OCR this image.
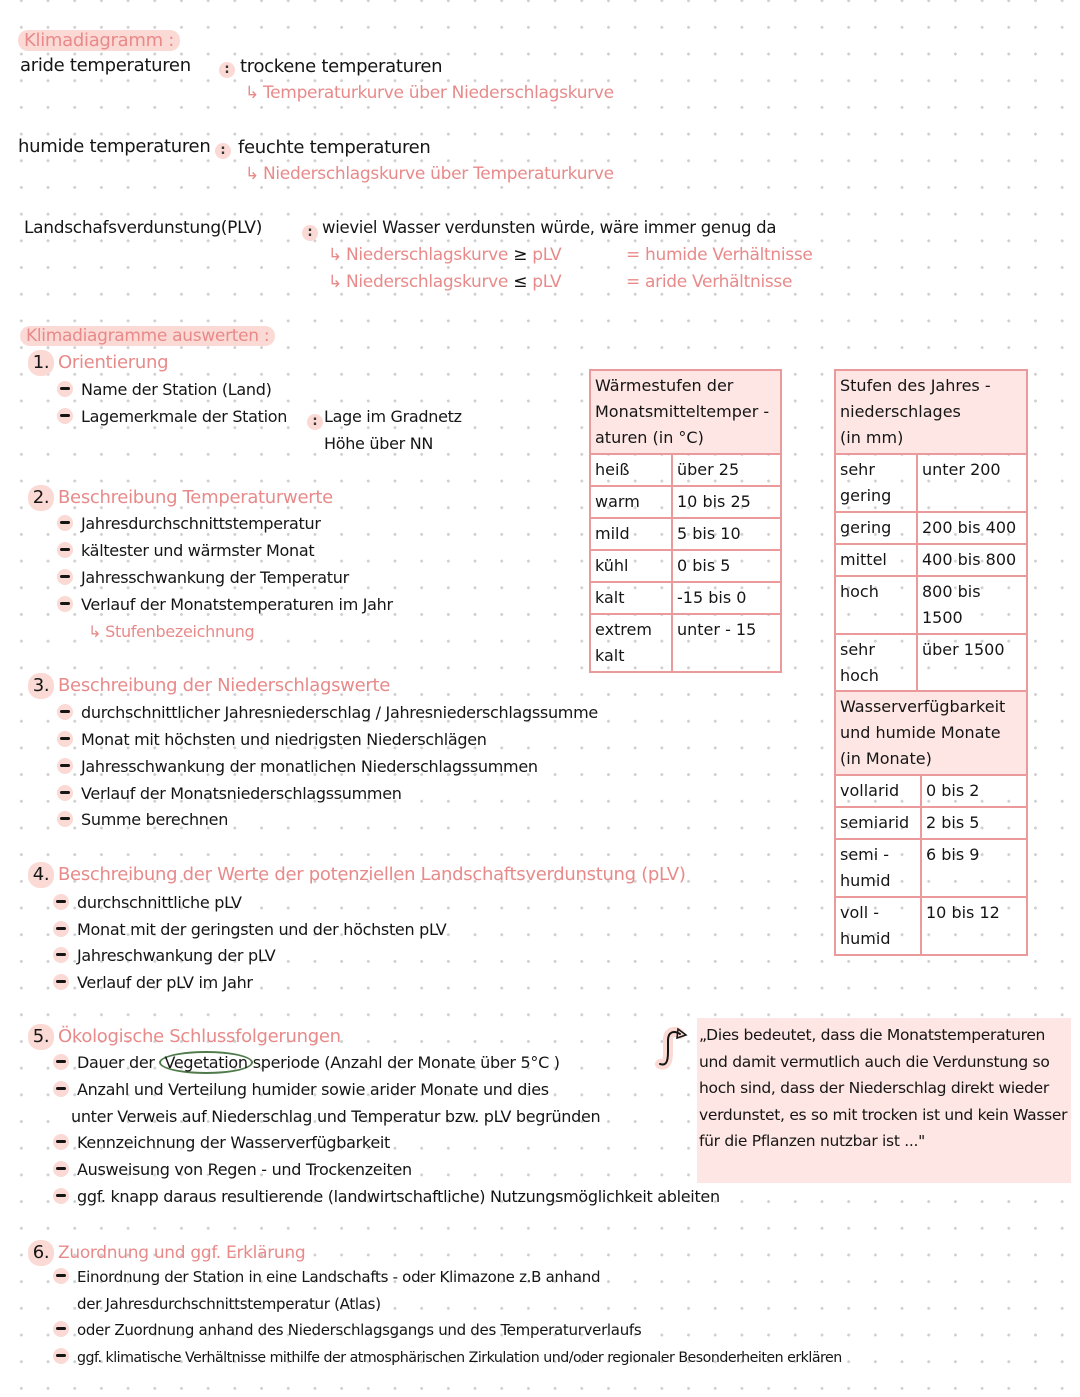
Klimadiagramm :
aride temperaturen	: trockene temperaturen
↳ Temperaturkurve über Niederschlagskurve
humide temperaturen : feuchte temperaturen
↳ Niederschlagskurve über Temperaturkurve
Landschafsverdunstung(PLV)	: wieviel Wasser verdunsten würde, wäre immer genug da
↳ Niederschlagskurve ≥ pLV	= humide Verhältnisse
↳ Niederschlagskurve ≤ pLV	= aride Verhältnisse
Klimadiagramme auswerten :
1. Orientierung
Name der Station (Land)
Lagemerkmale der Station	: Lage im Gradnetz
Höhe über NN
2. Beschreibung Temperaturwerte
Jahresdurchschnittstemperatur
kältester und wärmster Monat
Jahresschwankung der Temperatur
Verlauf der Monatstemperaturen im Jahr
↳ Stufenbezeichnung
Wärmestufen der
Monatsmitteltemper -
aturen (in °C)	

heiß	über 25
warm	10 bis 25
mild	5 bis 10
kühl	0 bis 5
kalt	-15 bis 0
extrem kalt	unter - 15
Stufen des Jahres -
niederschlages
(in mm)	

sehr gering	unter 200
gering	200 bis 400
mittel	400 bis 800
hoch	800 bis 1500
sehr hoch	über 1500
3. Beschreibung der Niederschlagswerte
durchschnittlicher Jahresniederschlag / Jahresniederschlagssumme
Monat mit höchsten und niedrigsten Niederschlägen
Jahresschwankung der monatlichen Niederschlagssummen
Verlauf der Monatsniederschlagssummen
Summe berechnen
Wasserverfügbarkeit
und humide Monate
(in Monate)	

vollarid	0 bis 2
semiarid	2 bis 5
semi - humid	6 bis 9
voll - humid	10 bis 12
4. Beschreibung der Werte der potenziellen Landschaftsverdunstung (pLV)
durchschnittliche pLV
Monat mit der geringsten und der höchsten pLV
Jahreschwankung der pLV
Verlauf der pLV im Jahr
5. Ökologische Schlussfolgerungen
Dauer der Vegetation speriode (Anzahl der Monate über 5°C )
Anzahl und Verteilung humider sowie arider Monate und dies
unter Verweis auf Niederschlag und Temperatur bzw. pLV begründen
Kennzeichnung der Wasserverfügbarkeit
Ausweisung von Regen - und Trockenzeiten
ggf. knapp daraus resultierende (landwirtschaftliche) Nutzungsmöglichkeit ableiten
„Dies bedeutet, dass die Monatstemperaturen und damit vermutlich auch die Verdunstung so hoch sind, dass der Niederschlag direkt wieder verdunstet, es so mit trocken ist und kein Wasser für die Pflanzen nutzbar ist ..."
6. Zuordnung und ggf. Erklärung
Einordnung der Station in eine Landschafts - oder Klimazone z.B anhand
der Jahresdurchschnittstemperatur (Atlas)
oder Zuordnung anhand des Niederschlagsgangs und des Temperaturverlaufs
ggf. klimatische Verhältnisse mithilfe der atmosphärischen Zirkulation und/oder regionaler Besonderheiten erklären
